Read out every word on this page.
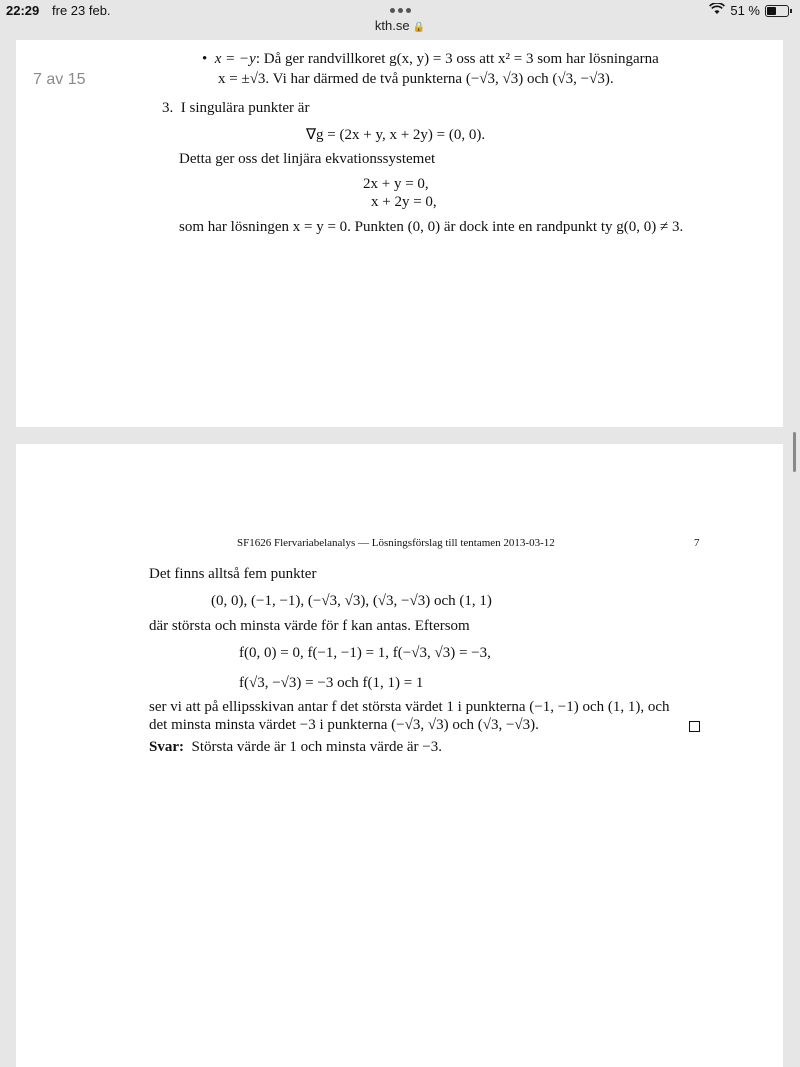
22:29 fre 23 feb.	51 %
kth.se 🔒
7 av 15
•  x = −y: Då ger randvillkoret g(x, y) = 3 oss att x² = 3 som har lösningarna
x = ±√3. Vi har därmed de två punkterna (−√3, √3) och (√3, −√3).
3. I singulära punkter är
∇g = (2x + y, x + 2y) = (0, 0).
Detta ger oss det linjära ekvationssystemet
2x + y = 0,
x + 2y = 0,
som har lösningen x = y = 0. Punkten (0, 0) är dock inte en randpunkt ty g(0, 0) ≠ 3.
SF1626 Flervariabelanalys — Lösningsförslag till tentamen 2013-03-12	7
Det finns alltså fem punkter
(0, 0), (−1, −1), (−√3, √3), (√3, −√3) och (1, 1)
där största och minsta värde för f kan antas. Eftersom
f(0, 0) = 0, f(−1, −1) = 1, f(−√3, √3) = −3,
f(√3, −√3) = −3 och f(1, 1) = 1
ser vi att på ellipsskivan antar f det största värdet 1 i punkterna (−1, −1) och (1, 1), och
det minsta minsta värdet −3 i punkterna (−√3, √3) och (√3, −√3).
Svar: Största värde är 1 och minsta värde är −3.
